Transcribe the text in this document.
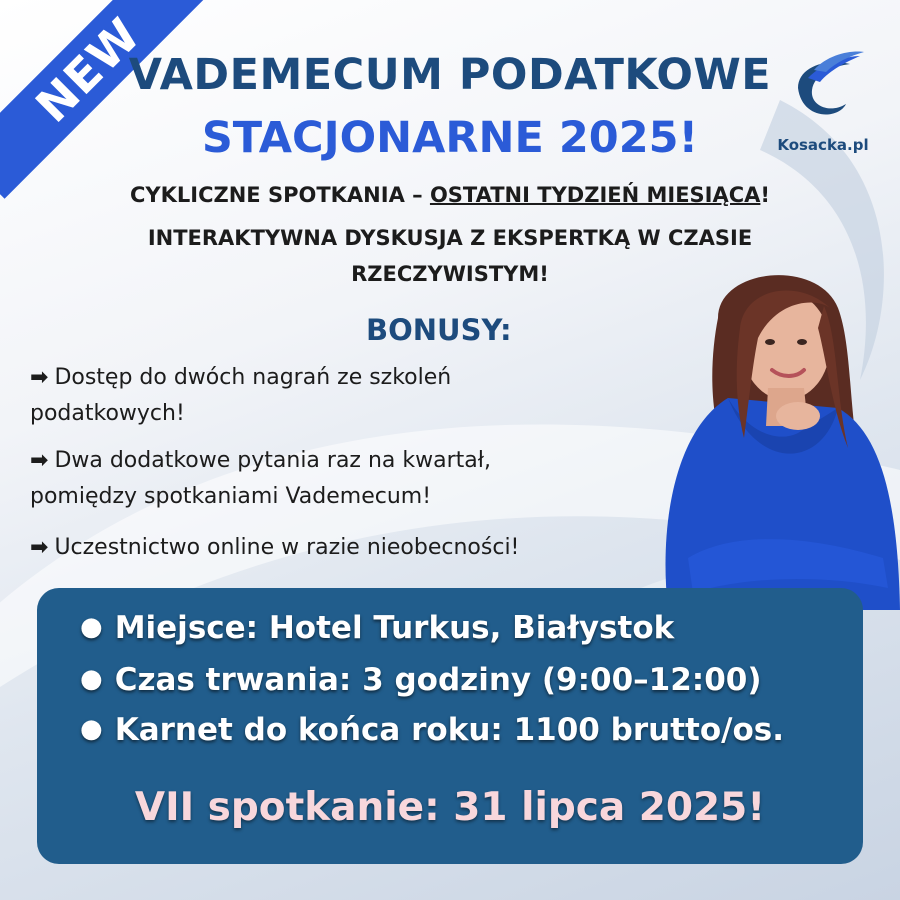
NEW
VADEMECUM PODATKOWE
STACJONARNE 2025!	Kosacka.pl
CYKLICZNE SPOTKANIA – OSTATNI TYDZIEŃ MIESIĄCA!
INTERAKTYWNA DYSKUSJA Z EKSPERTKĄ W CZASIE
RZECZYWISTYM!
BONUSY:
➡ Dostęp do dwóch nagrań ze szkoleń
podatkowych!
➡ Dwa dodatkowe pytania raz na kwartał,
pomiędzy spotkaniami Vademecum!
➡ Uczestnictwo online w razie nieobecności!
● Miejsce: Hotel Turkus, Białystok
● Czas trwania: 3 godziny (9:00–12:00)
● Karnet do końca roku: 1100 brutto/os.
VII spotkanie: 31 lipca 2025!
